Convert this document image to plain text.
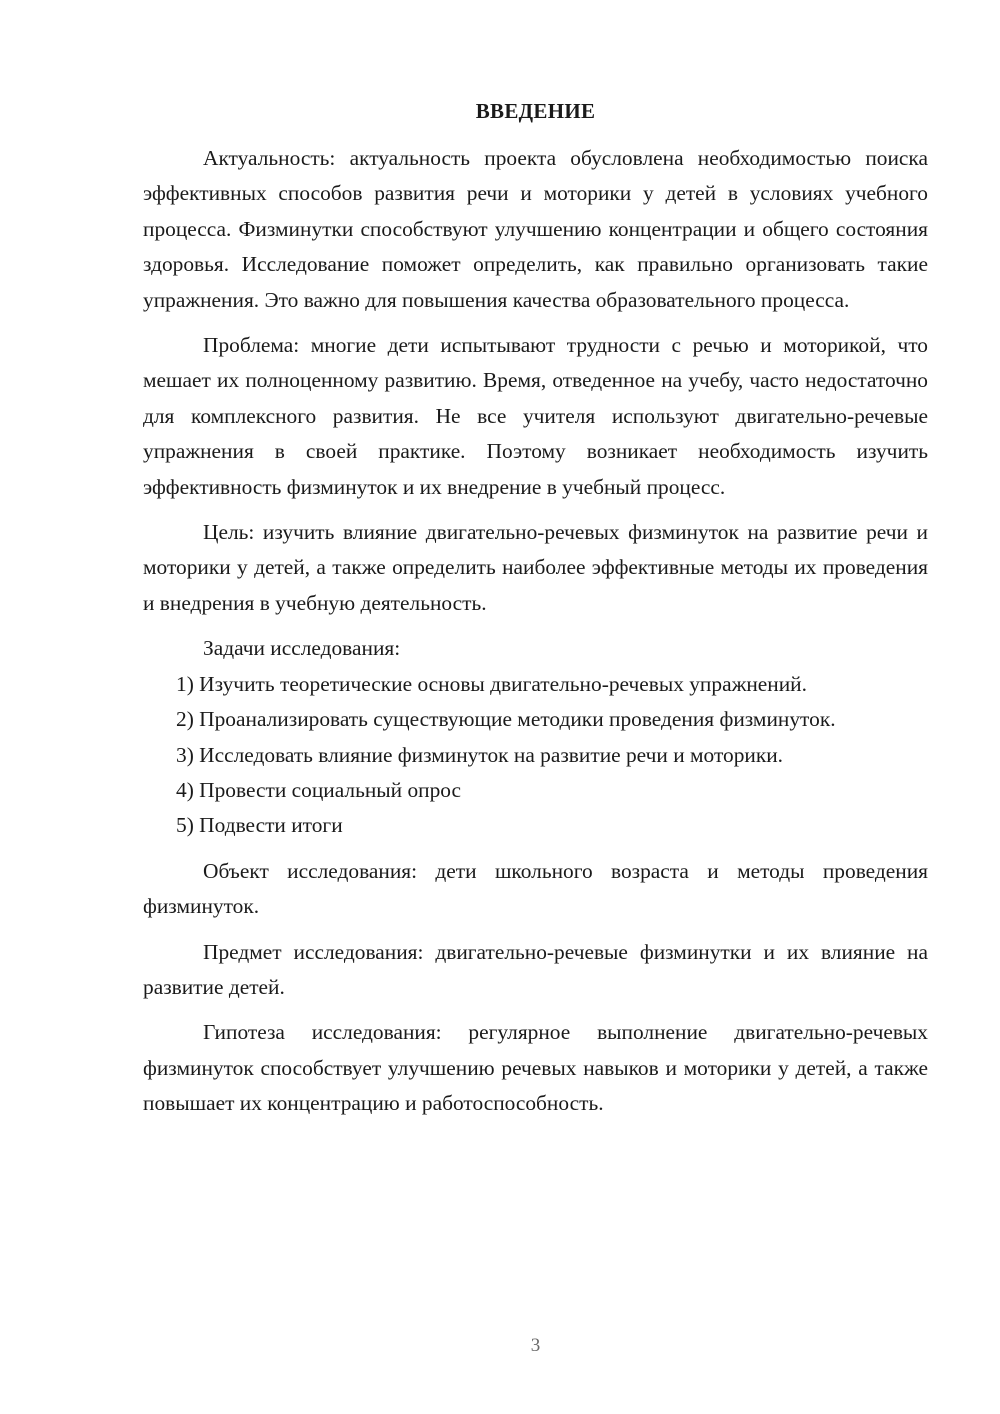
ВВЕДЕНИЕ

Актуальность: актуальность проекта обусловлена необходимостью поиска эффективных способов развития речи и моторики у детей в условиях учебного процесса. Физминутки способствуют улучшению концентрации и общего состояния здоровья. Исследование поможет определить, как правильно организовать такие упражнения. Это важно для повышения качества образовательного процесса.

Проблема: многие дети испытывают трудности с речью и моторикой, что мешает их полноценному развитию. Время, отведенное на учебу, часто недостаточно для комплексного развития. Не все учителя используют двигательно-речевые упражнения в своей практике. Поэтому возникает необходимость изучить эффективность физминуток и их внедрение в учебный процесс.

Цель: изучить влияние двигательно-речевых физминуток на развитие речи и моторики у детей, а также определить наиболее эффективные методы их проведения и внедрения в учебную деятельность.

Задачи исследования:

1) Изучить теоретические основы двигательно-речевых упражнений.

2) Проанализировать существующие методики проведения физминуток.

3) Исследовать влияние физминуток на развитие речи и моторики.

4) Провести социальный опрос

5) Подвести итоги

Объект исследования: дети школьного возраста и методы проведения физминуток.

Предмет исследования: двигательно-речевые физминутки и их влияние на развитие детей.

Гипотеза исследования: регулярное выполнение двигательно-речевых физминуток способствует улучшению речевых навыков и моторики у детей, а также повышает их концентрацию и работоспособность.

3
